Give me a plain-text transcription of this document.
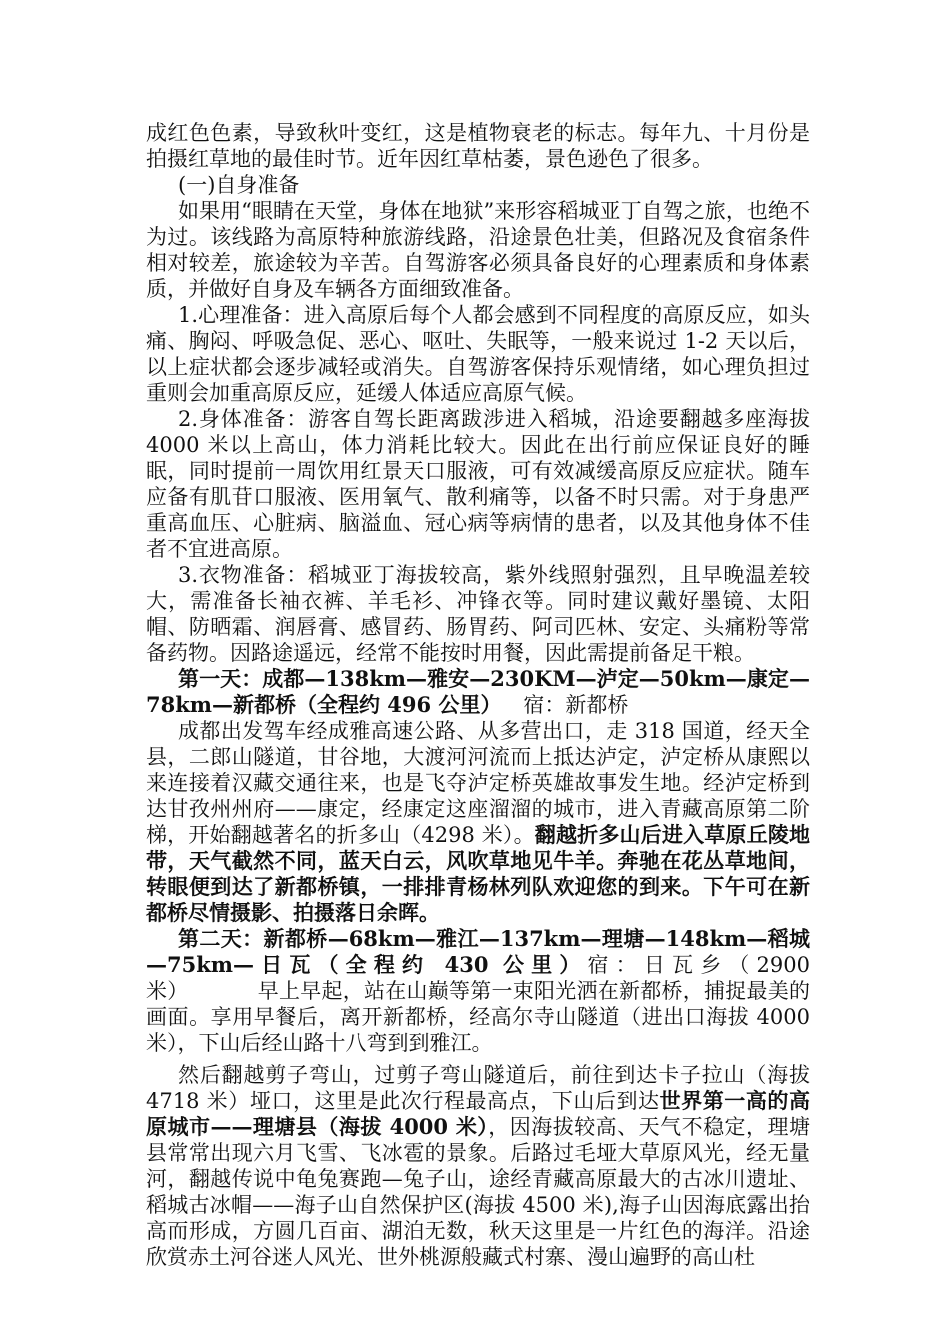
成红色色素，导致秋叶变红，这是植物衰老的标志。每年九、十月份是拍摄红草地的最佳时节。近年因红草枯萎，景色逊色了很多。

(一)自身准备

如果用“眼睛在天堂，身体在地狱”来形容稻城亚丁自驾之旅，也绝不为过。该线路为高原特种旅游线路，沿途景色壮美，但路况及食宿条件相对较差，旅途较为辛苦。自驾游客必须具备良好的心理素质和身体素质，并做好自身及车辆各方面细致准备。

1.心理准备：进入高原后每个人都会感到不同程度的高原反应，如头痛、胸闷、呼吸急促、恶心、呕吐、失眠等，一般来说过 1-2 天以后，以上症状都会逐步减轻或消失。自驾游客保持乐观情绪，如心理负担过重则会加重高原反应，延缓人体适应高原气候。

2.身体准备：游客自驾长距离跋涉进入稻城，沿途要翻越多座海拔4000 米以上高山，体力消耗比较大。因此在出行前应保证良好的睡眠，同时提前一周饮用红景天口服液，可有效减缓高原反应症状。随车应备有肌苷口服液、医用氧气、散利痛等，以备不时只需。对于身患严重高血压、心脏病、脑溢血、冠心病等病情的患者，以及其他身体不佳者不宜进高原。

3.衣物准备：稻城亚丁海拔较高，紫外线照射强烈，且早晚温差较大，需准备长袖衣裤、羊毛衫、冲锋衣等。同时建议戴好墨镜、太阳帽、防晒霜、润唇膏、感冒药、肠胃药、阿司匹林、安定、头痛粉等常备药物。因路途遥远，经常不能按时用餐，因此需提前备足干粮。

第一天：成都—138km—雅安—230KM—泸定—50km—康定—78km—新都桥（全程约 496 公里） 宿：新都桥

成都出发驾车经成雅高速公路、从多营出口，走 318 国道，经天全县，二郎山隧道，甘谷地，大渡河河流而上抵达泸定，泸定桥从康熙以来连接着汉藏交通往来，也是飞夺泸定桥英雄故事发生地。经泸定桥到达甘孜州州府——康定，经康定这座溜溜的城市，进入青藏高原第二阶梯，开始翻越著名的折多山（4298 米）。翻越折多山后进入草原丘陵地带，天气截然不同，蓝天白云，风吹草地见牛羊。奔驰在花丛草地间，转眼便到达了新都桥镇，一排排青杨林列队欢迎您的到来。下午可在新都桥尽情摄影、拍摄落日余晖。

第二天：新都桥—68km—雅江—137km—理塘—148km—稻城—75km—日瓦（全程约 430 公里）宿：日瓦乡（2900 米）	早上早起，站在山巅等第一束阳光洒在新都桥，捕捉最美的画面。享用早餐后，离开新都桥，经高尔寺山隧道（进出口海拔 4000 米），下山后经山路十八弯到到雅江。

然后翻越剪子弯山，过剪子弯山隧道后，前往到达卡子拉山（海拔4718 米）垭口，这里是此次行程最高点，下山后到达世界第一高的高原城市——理塘县（海拔 4000 米），因海拔较高、天气不稳定，理塘县常常出现六月飞雪、飞冰雹的景象。后路过毛垭大草原风光，经无量河，翻越传说中龟兔赛跑—兔子山，途经青藏高原最大的古冰川遗址、稻城古冰帽——海子山自然保护区(海拔 4500 米),海子山因海底露出抬高而形成，方圆几百亩、湖泊无数，秋天这里是一片红色的海洋。沿途欣赏赤土河谷迷人风光、世外桃源般藏式村寨、漫山遍野的高山杜
